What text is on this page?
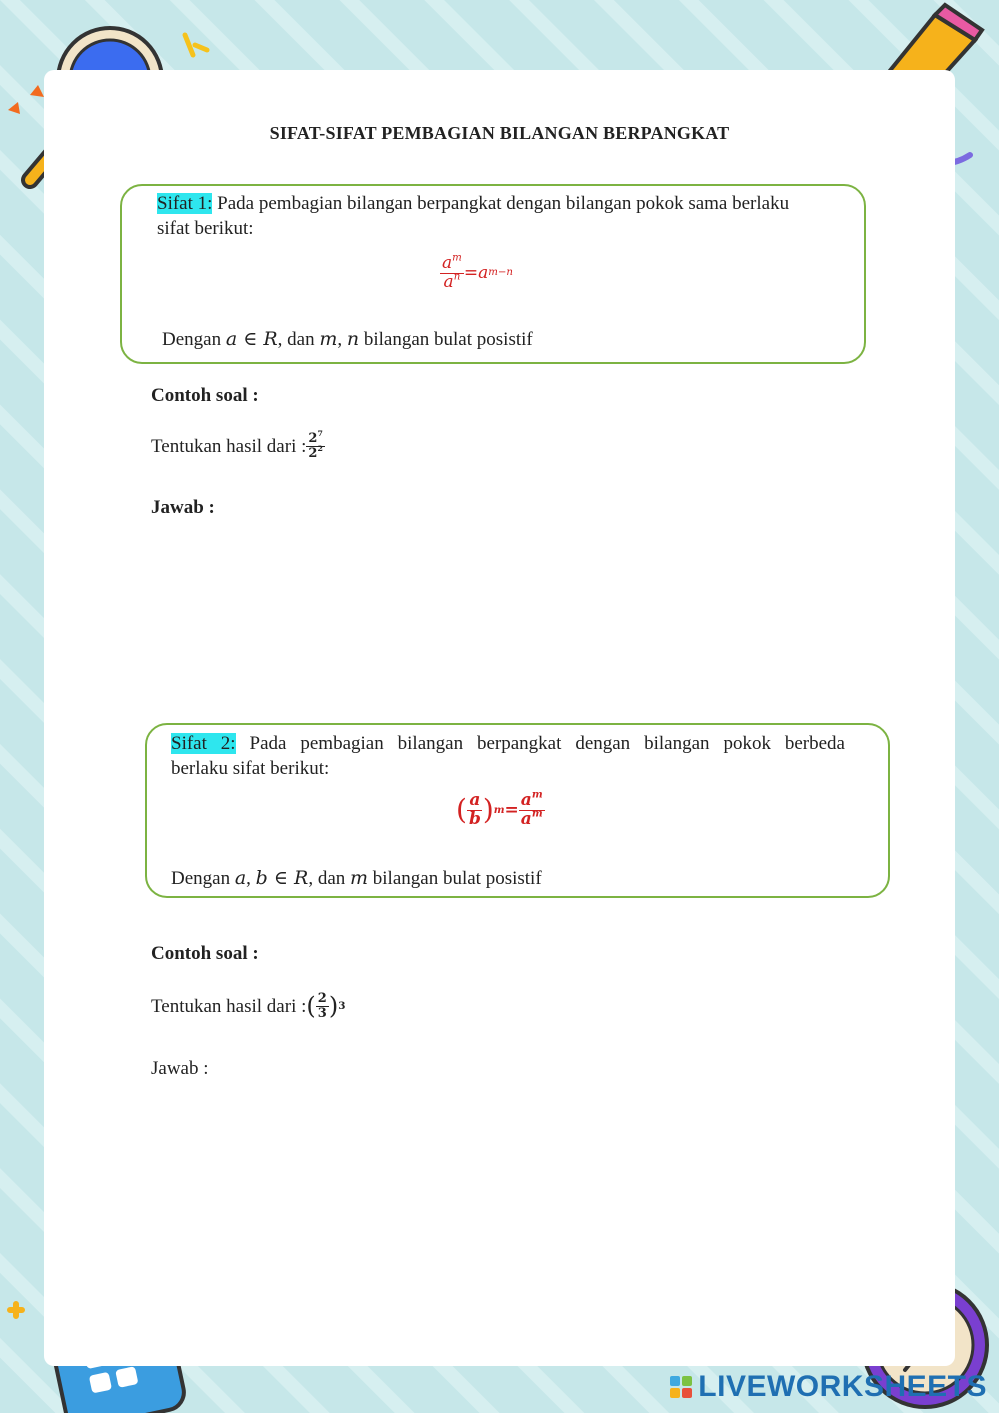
SIFAT-SIFAT PEMBAGIAN BILANGAN BERPANGKAT
Sifat 1: Pada pembagian bilangan berpangkat dengan bilangan pokok sama berlaku
sifat berikut:
$\frac{a^m}{a^n} = a$ m−n
Dengan a ∈ R, dan m, n bilangan bulat posistif
Contoh soal :
Tentukan hasil dari : $\frac{2^7}{2^2}$
Jawab :
Sifat 2: Pada pembagian bilangan berpangkat dengan bilangan pokok berbeda
berlaku sifat berikut:
( $\frac{a}{b}$ ) $m = \frac{a^m}{a^m}$
Dengan a, b ∈ R, dan m bilangan bulat posistif
Contoh soal :
Tentukan hasil dari : ( $\frac{2}{3}$ ) 3
Jawab :
LIVEWORKSHEETS
